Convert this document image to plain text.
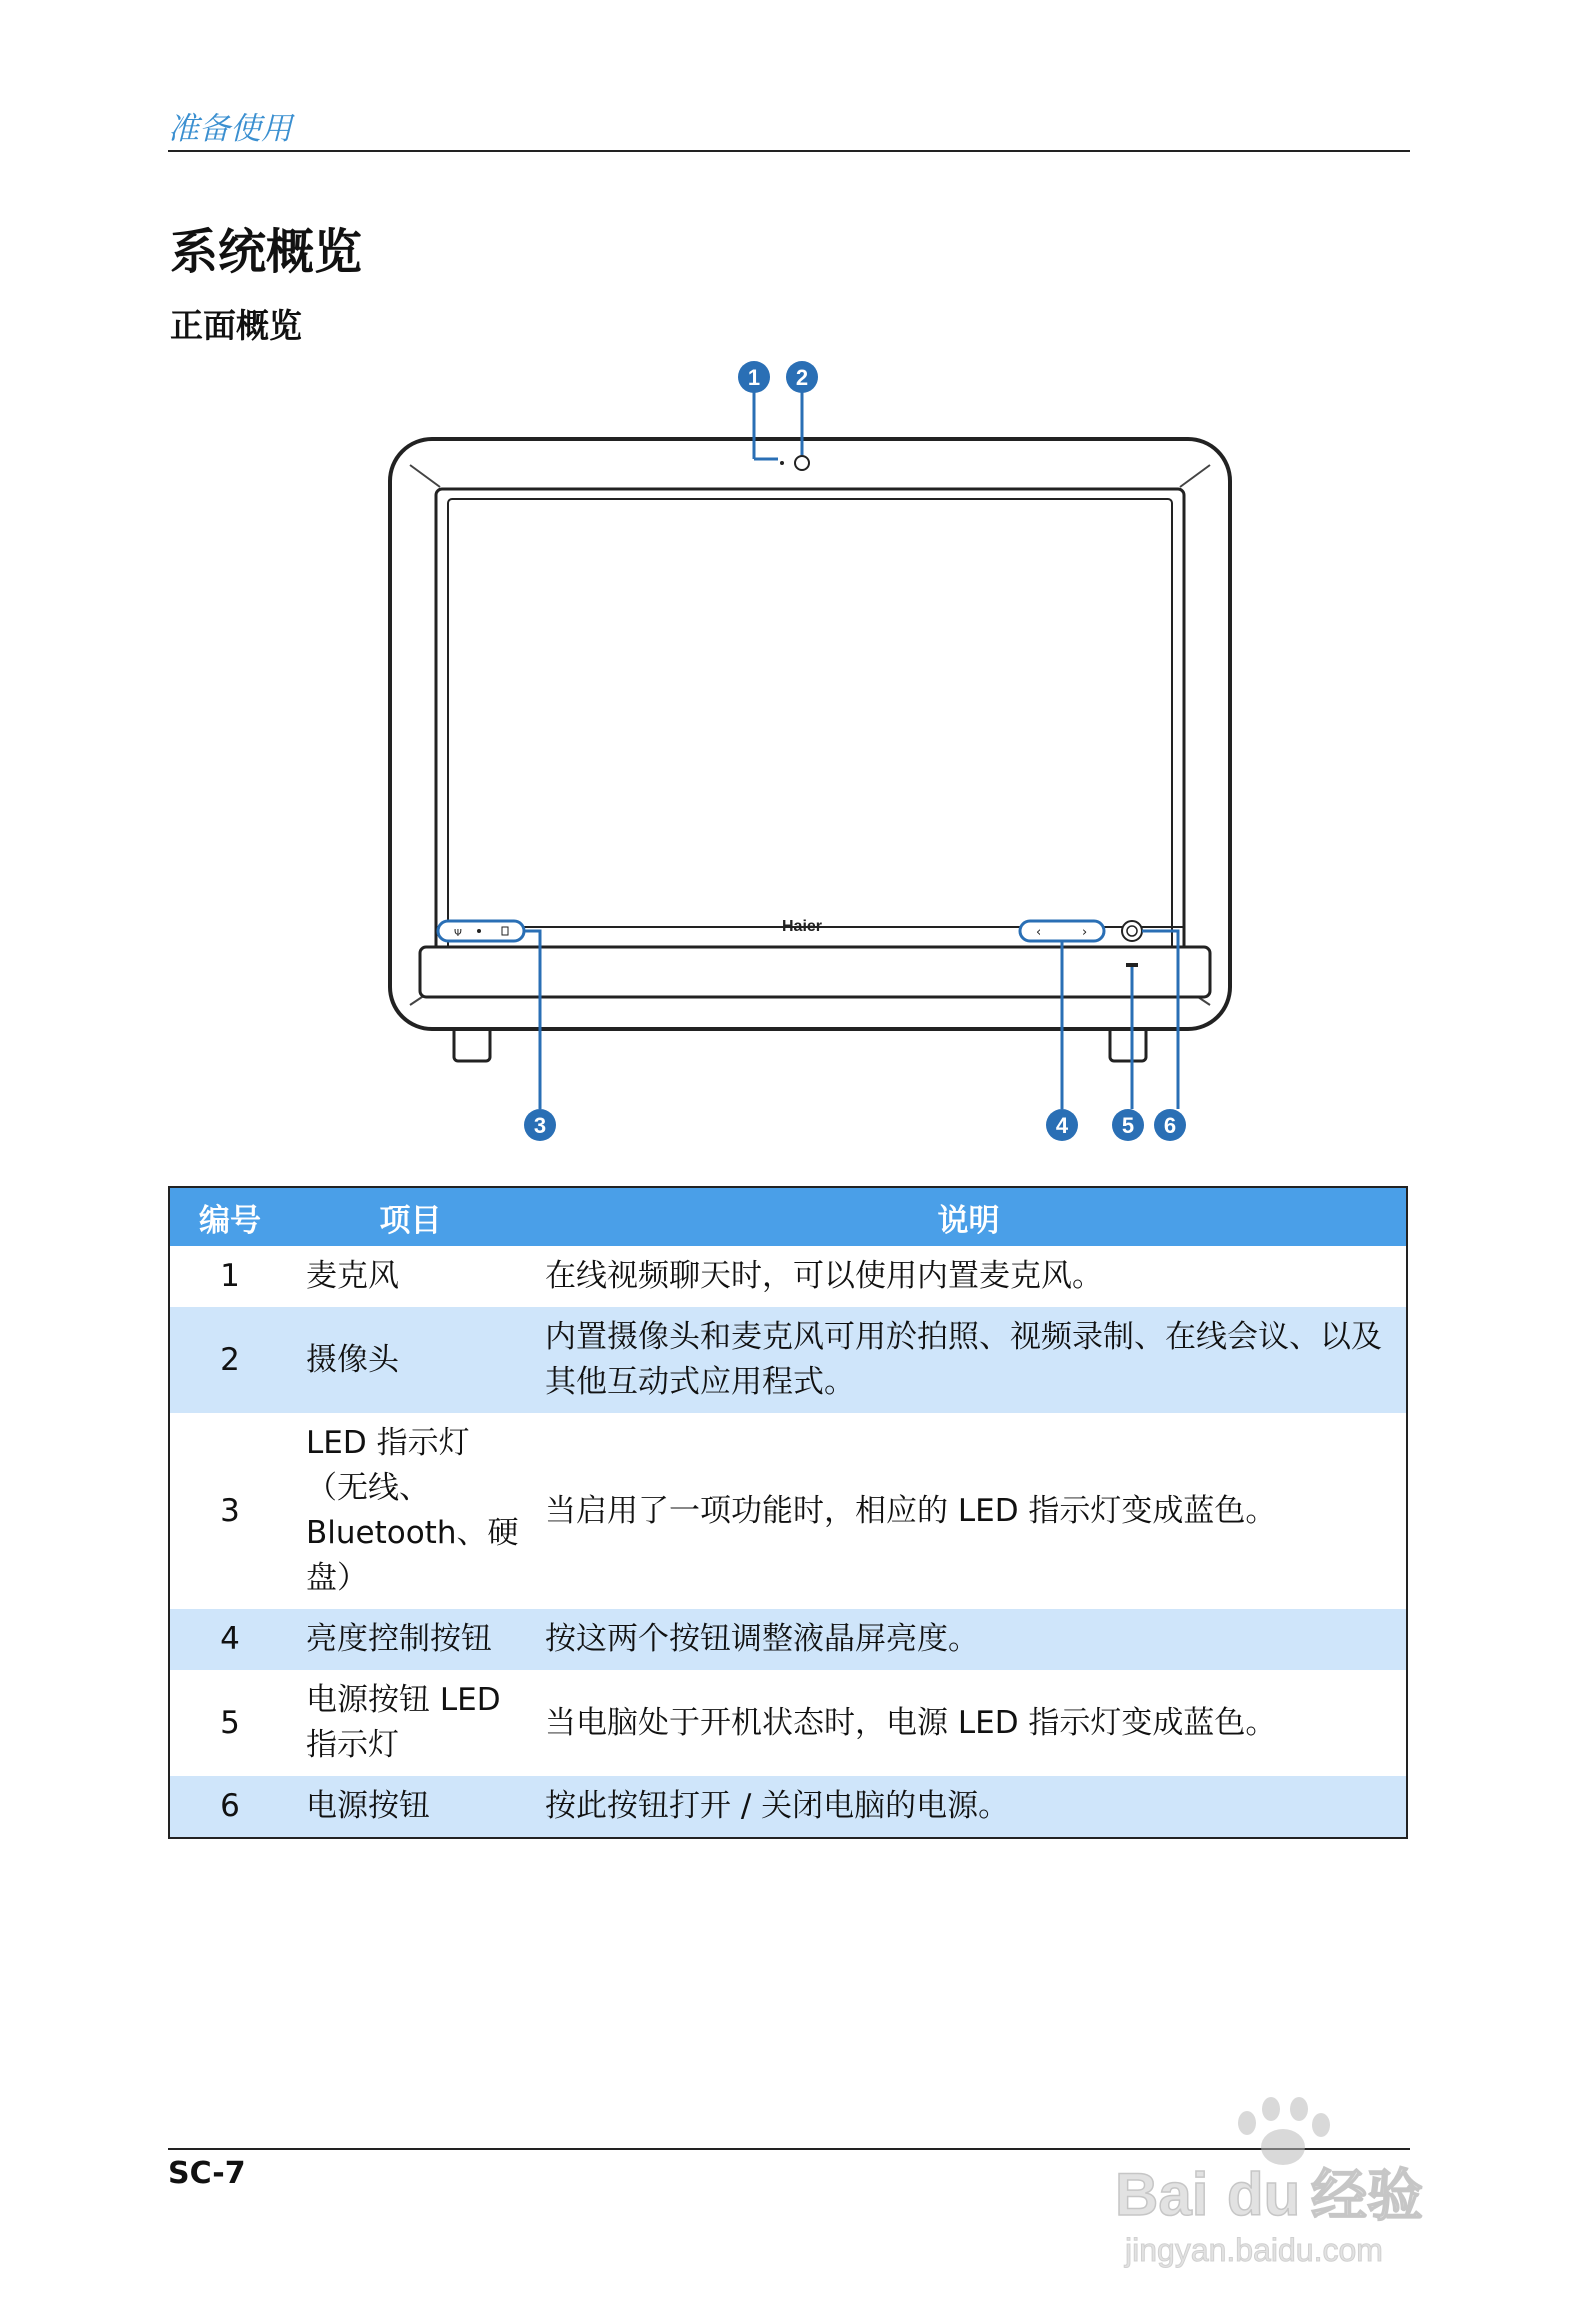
准备使用
系统概览
正面概览
Haier
Ψ	‹	›
1 2
3	4 5 6
编号	项目	说明
1	麦克风	在线视频聊天时，可以使用内置麦克风。
2	摄像头	内置摄像头和麦克风可用於拍照、视频录制、在线会议、以及其他互动式应用程式。
3	LED 指示灯（无线、Bluetooth、硬盘）	当启用了一项功能时，相应的 LED 指示灯变成蓝色。
4	亮度控制按钮	按这两个按钮调整液晶屏亮度。
5	电源按钮 LED 指示灯	当电脑处于开机状态时，电源 LED 指示灯变成蓝色。
6	电源按钮	按此按钮打开 / 关闭电脑的电源。
SC-7	Bai du 经验
jingyan.baidu.com
